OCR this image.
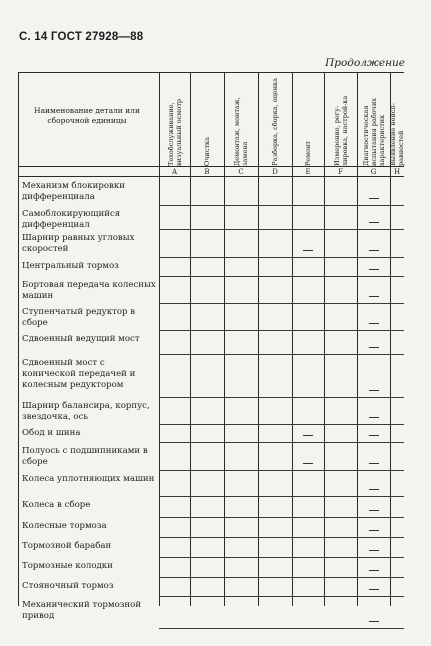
С. 14 ГОСТ 27928—88
Продолжение
Наименование детали или сборочной единицы	Техобслуживание, визуальный осмотр
A
Очистка
B
Демонтаж, монтаж, замена
C
Разборка, сборка, оценка
D
Ремонт
E
Измерение, регу-лировка, настрой-ка
F
Диагностическая испытания рабочих характеристик
G
Выявление неисп-равностей
H
Механизм блокировки дифференциала
Самоблокирующийся дифференциал
Шарнир равных угловых скоростей
Центральный тормоз
Бортовая передача колесных машин
Ступенчатый редуктор в сборе
Сдвоенный ведущий мост
Сдвоенный мост с конической передачей и колесным редуктором
Шарнир балансира, корпус, звездочка, ось
Обод и шина
Полуось с подшипниками в сборе
Колеса уплотняющих машин
Колеса в сборе
Колесные тормоза
Тормозной барабан
Тормозные колодки
Стояночный тормоз
Механический тормозной привод
